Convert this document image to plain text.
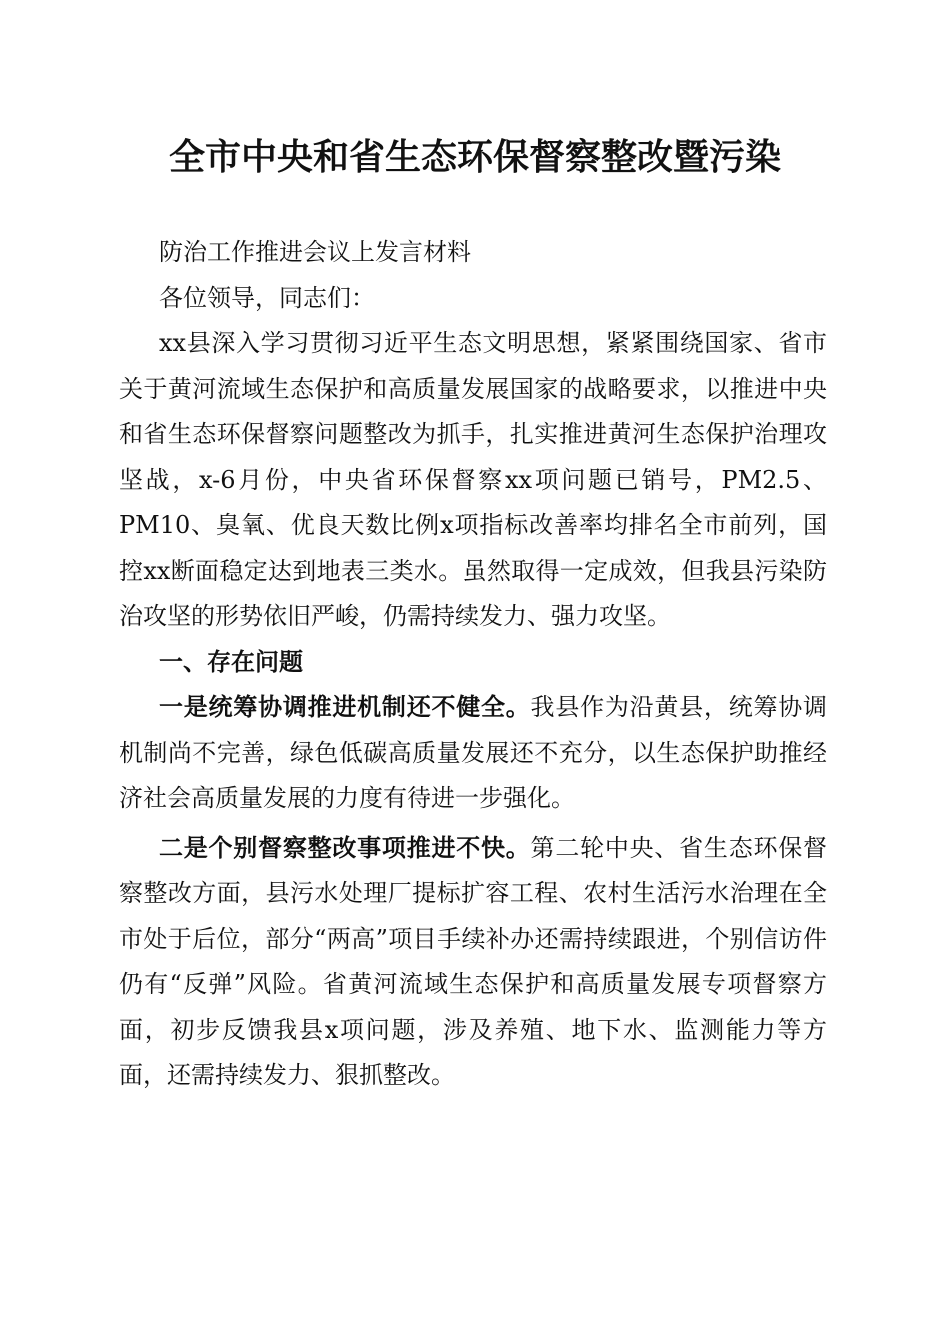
全市中央和省生态环保督察整改暨污染

防治工作推进会议上发言材料

各位领导，同志们：

xx县深入学习贯彻习近平生态文明思想，紧紧围绕国家、省市关于黄河流域生态保护和高质量发展国家的战略要求，以推进中央和省生态环保督察问题整改为抓手，扎实推进黄河生态保护治理攻坚战，x-6月份，中央省环保督察xx项问题已销号，PM2.5、PM10、臭氧、优良天数比例x项指标改善率均排名全市前列，国控xx断面稳定达到地表三类水。虽然取得一定成效，但我县污染防治攻坚的形势依旧严峻，仍需持续发力、强力攻坚。

一、存在问题

一是统筹协调推进机制还不健全。我县作为沿黄县，统筹协调机制尚不完善，绿色低碳高质量发展还不充分，以生态保护助推经济社会高质量发展的力度有待进一步强化。

二是个别督察整改事项推进不快。第二轮中央、省生态环保督察整改方面，县污水处理厂提标扩容工程、农村生活污水治理在全市处于后位，部分“两高”项目手续补办还需持续跟进，个别信访件仍有“反弹”风险。省黄河流域生态保护和高质量发展专项督察方面，初步反馈我县x项问题，涉及养殖、地下水、监测能力等方面，还需持续发力、狠抓整改。
